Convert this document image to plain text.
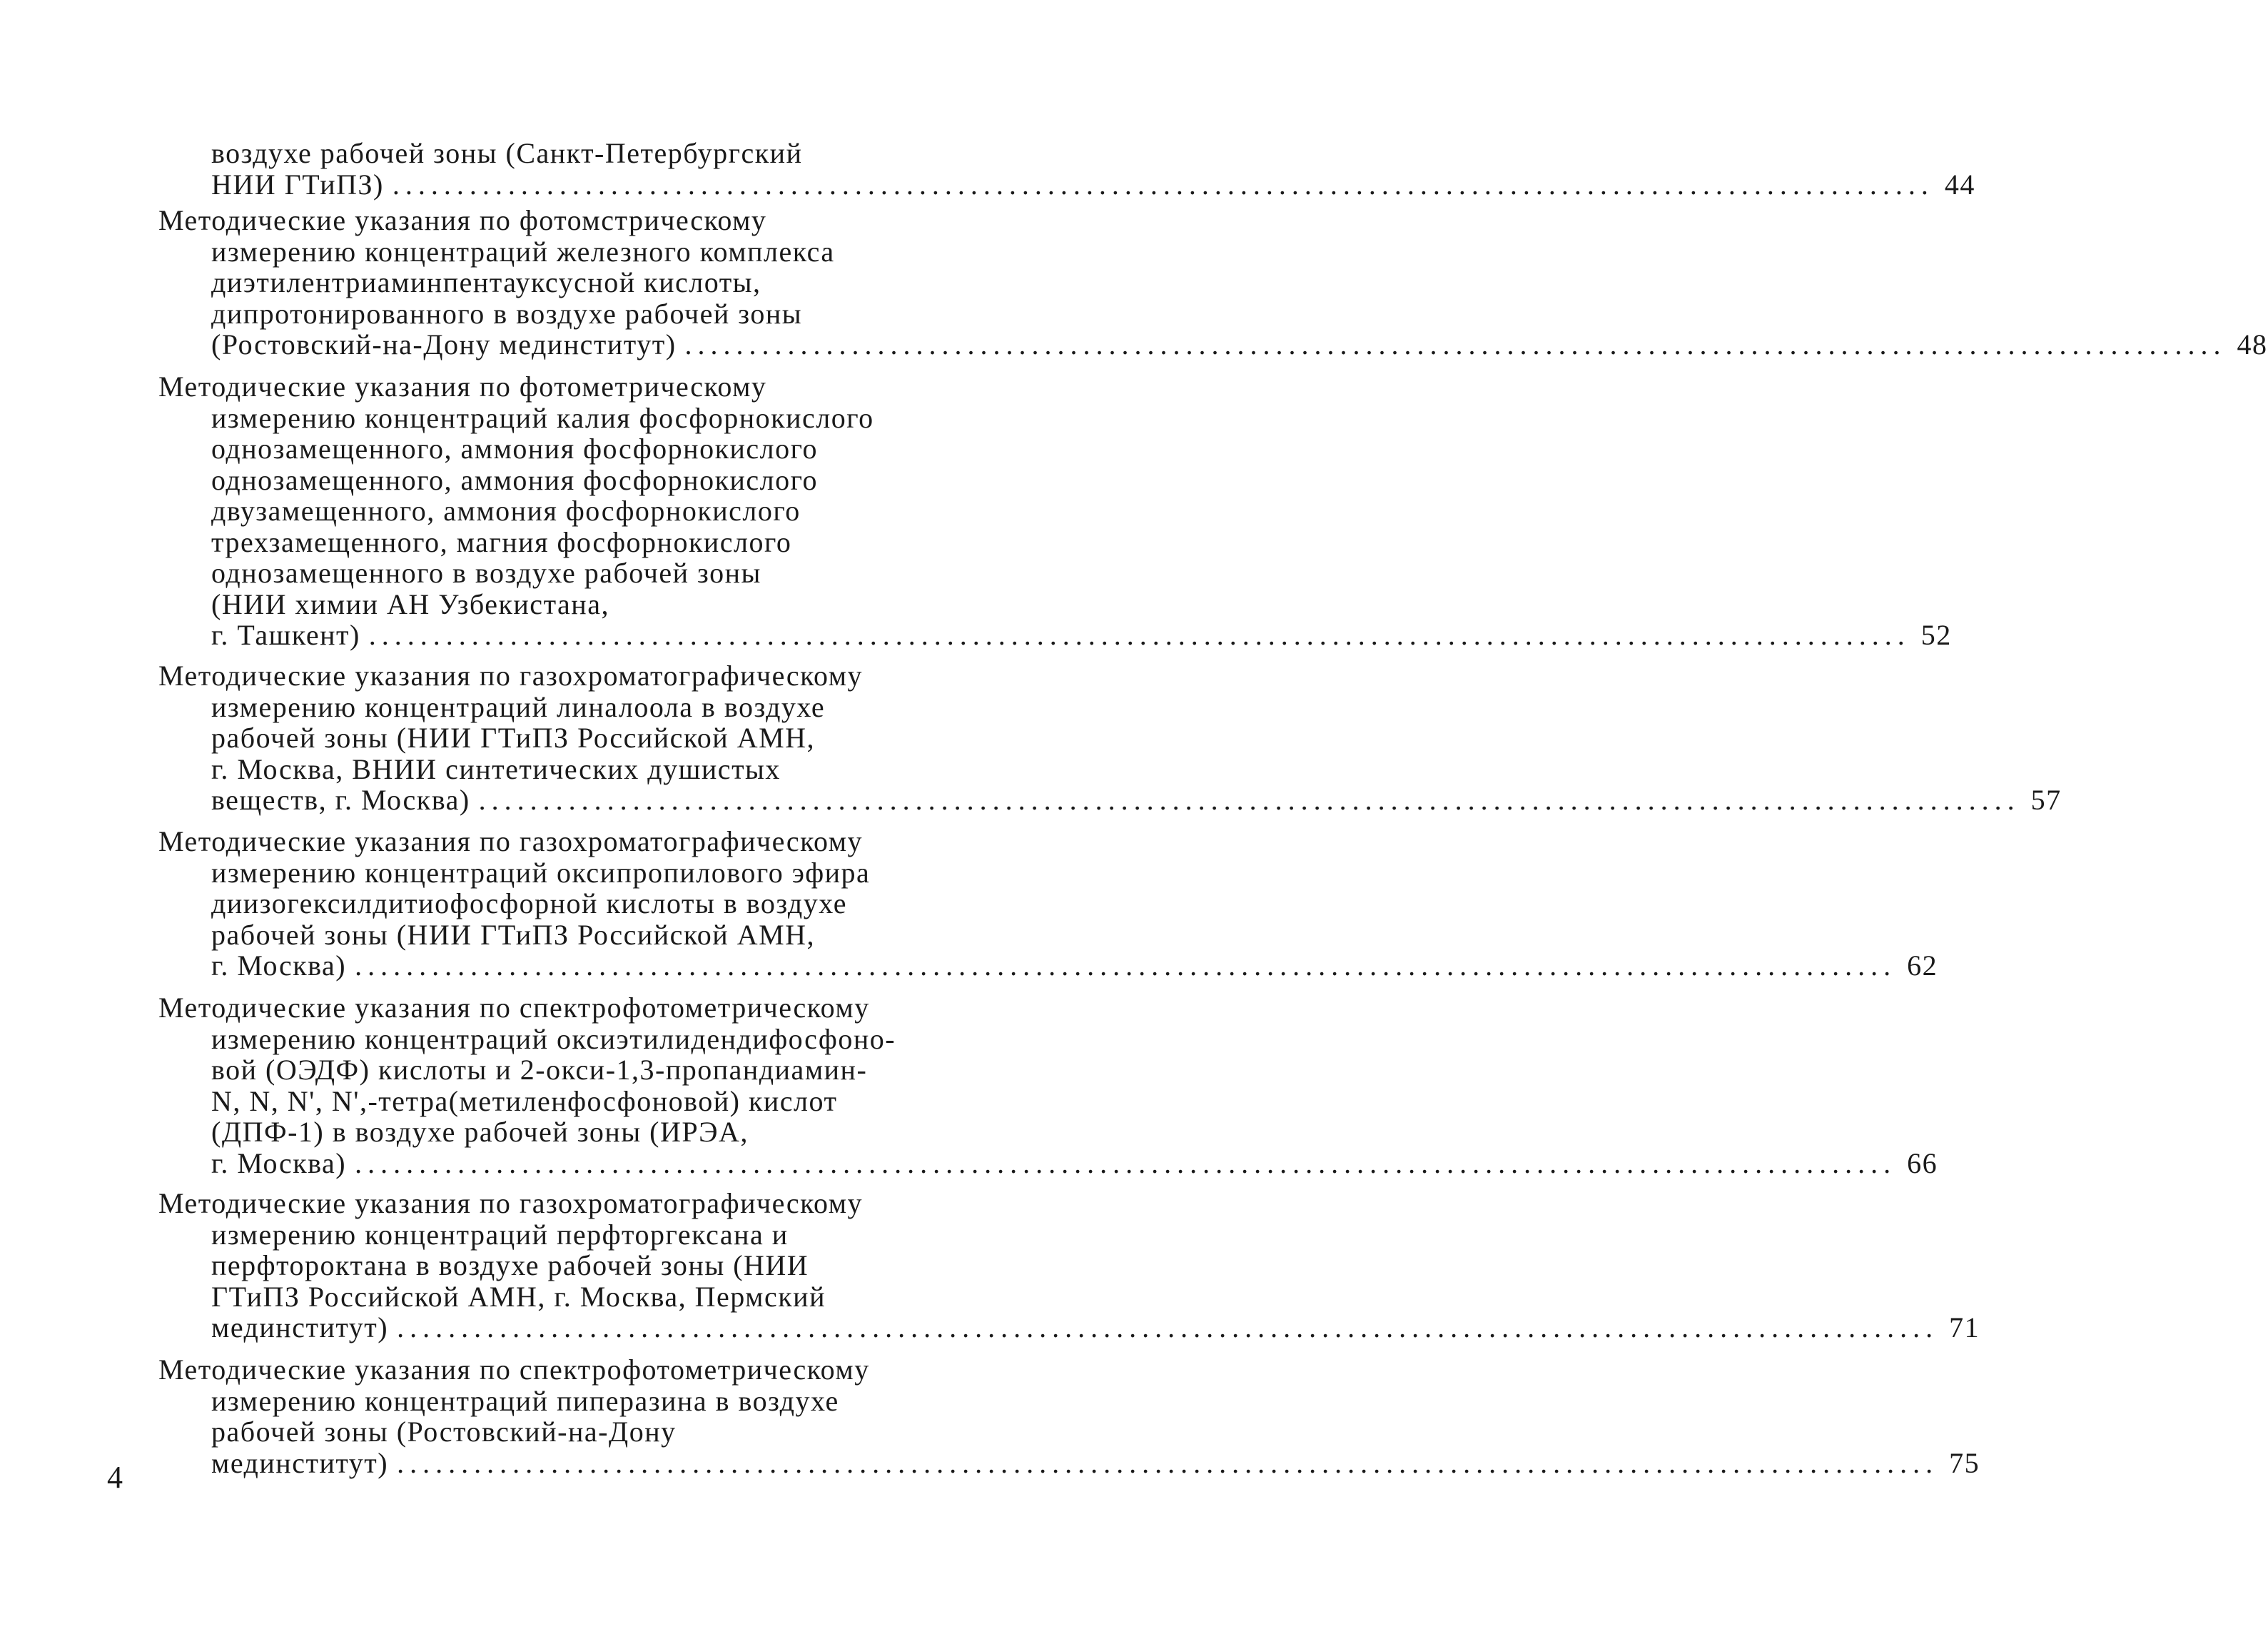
воздухе рабочей зоны (Санкт-Петербургский
НИИ ГТиПЗ) ........................................................................................................................ 44
Методические указания по фотомстрическому
измерению концентраций железного комплекса
диэтилентриаминпентауксусной кислоты,
дипротонированного в воздухе рабочей зоны
(Ростовский-на-Дону мединститут) ........................................................................................................................ 48
Методические указания по фотометрическому
измерению концентраций калия фосфорнокислого
однозамещенного, аммония фосфорнокислого
однозамещенного, аммония фосфорнокислого
двузамещенного, аммония фосфорнокислого
трехзамещенного, магния фосфорнокислого
однозамещенного в воздухе рабочей зоны
(НИИ химии АН Узбекистана,
г. Ташкент) ........................................................................................................................ 52
Методические указания по газохроматографическому
измерению концентраций линалоола в воздухе
рабочей зоны (НИИ ГТиПЗ Российской АМН,
г. Москва, ВНИИ синтетических душистых
веществ, г. Москва) ........................................................................................................................ 57
Методические указания по газохроматографическому
измерению концентраций оксипропилового эфира
диизогексилдитиофосфорной кислоты в воздухе
рабочей зоны (НИИ ГТиПЗ Российской АМН,
г. Москва) ........................................................................................................................ 62
Методические указания по спектрофотометрическому
измерению концентраций оксиэтилидендифосфоно-
вой (ОЭДФ) кислоты и 2-окси-1,3-пропандиамин-
N, N, N', N',-тетра(метиленфосфоновой) кислот
(ДПФ-1) в воздухе рабочей зоны (ИРЭА,
г. Москва) ........................................................................................................................ 66
Методические указания по газохроматографическому
измерению концентраций перфторгексана и
перфтороктана в воздухе рабочей зоны (НИИ
ГТиПЗ Российской АМН, г. Москва, Пермский
мединститут) ........................................................................................................................ 71
Методические указания по спектрофотометрическому
измерению концентраций пиперазина в воздухе
рабочей зоны (Ростовский-на-Дону
мединститут) ........................................................................................................................ 75
4
